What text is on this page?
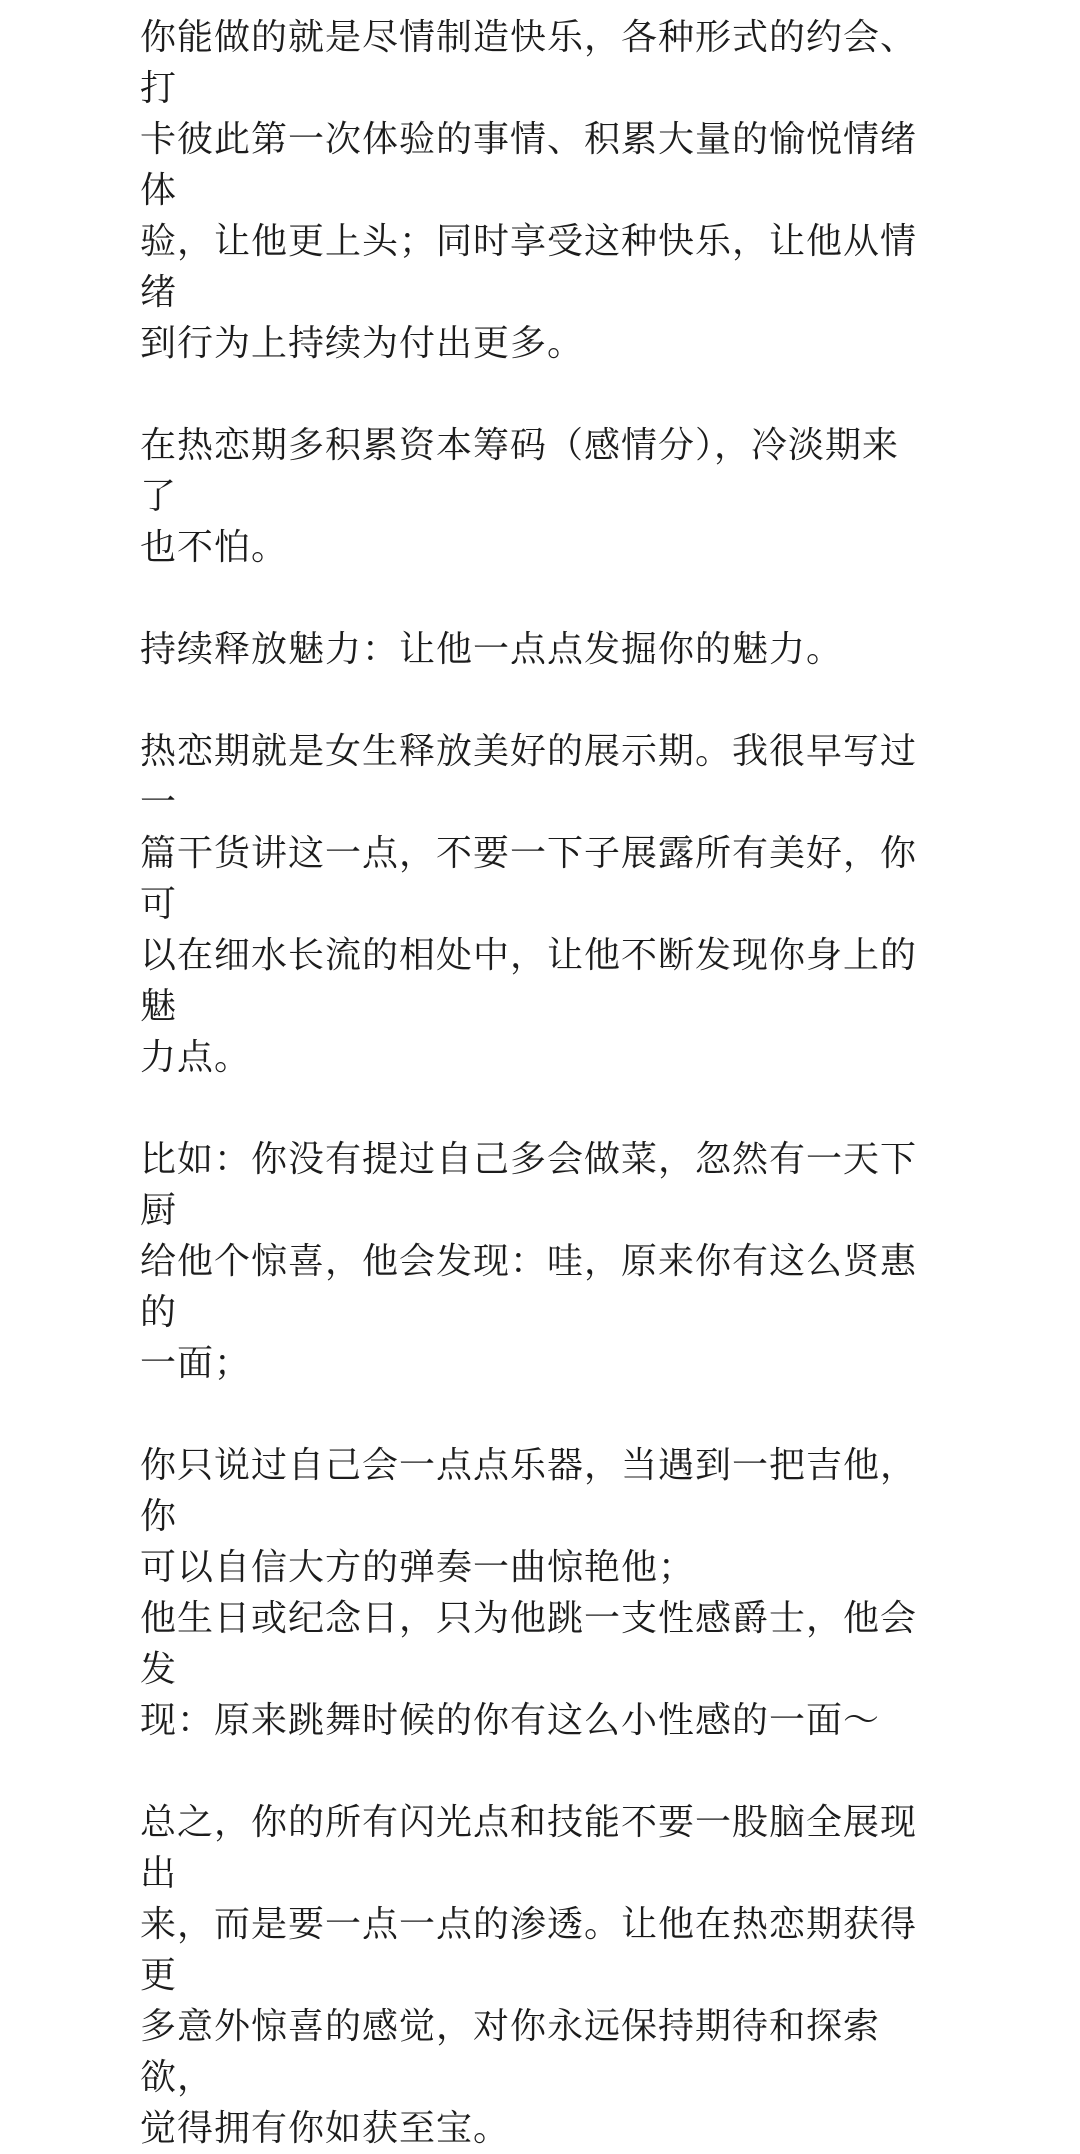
你能做的就是尽情制造快乐，各种形式的约会、打
卡彼此第一次体验的事情、积累大量的愉悦情绪体
验，让他更上头；同时享受这种快乐，让他从情绪
到行为上持续为付出更多。

在热恋期多积累资本筹码（感情分），冷淡期来了
也不怕。

持续释放魅力：让他一点点发掘你的魅力。

热恋期就是女生释放美好的展示期。我很早写过一
篇干货讲这一点，不要一下子展露所有美好，你可
以在细水长流的相处中，让他不断发现你身上的魅
力点。

比如：你没有提过自己多会做菜，忽然有一天下厨
给他个惊喜，他会发现：哇，原来你有这么贤惠的
一面；

你只说过自己会一点点乐器，当遇到一把吉他，你
可以自信大方的弹奏一曲惊艳他；

他生日或纪念日，只为他跳一支性感爵士，他会发
现：原来跳舞时候的你有这么小性感的一面～

总之，你的所有闪光点和技能不要一股脑全展现出
来，而是要一点一点的渗透。让他在热恋期获得更
多意外惊喜的感觉，对你永远保持期待和探索欲，
觉得拥有你如获至宝。
